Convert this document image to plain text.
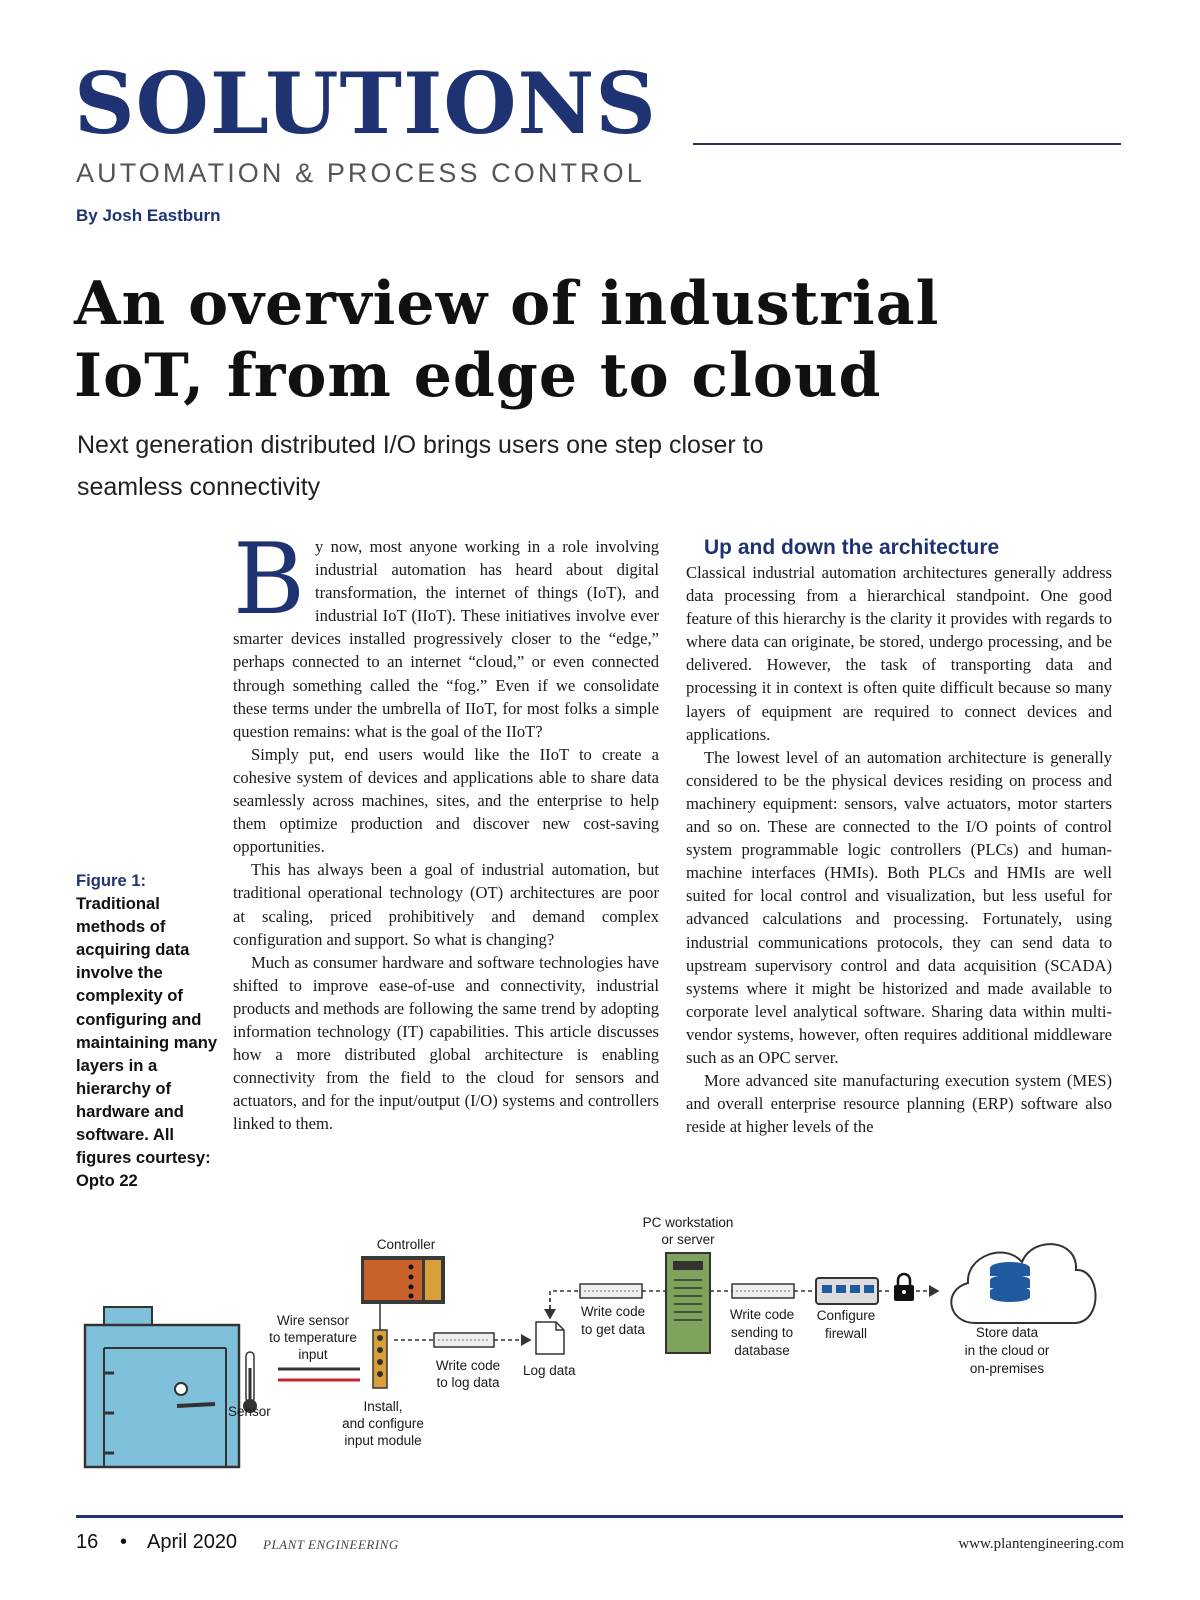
SOLUTIONS
AUTOMATION & PROCESS CONTROL
By Josh Eastburn
An overview of industrial
IoT, from edge to cloud
Next generation distributed I/O brings users one step closer to
seamless connectivity
Figure 1:
Traditional methods of acquiring data involve the complexity of configuring and maintaining many layers in a hierarchy of hardware and software. All figures courtesy: Opto 22
B y now, most anyone working in a role involving industrial automation has heard about digital transformation, the internet of things (IoT), and industrial IoT (IIoT). These initiatives involve ever smarter devices installed progressively closer to the “edge,” perhaps connected to an internet “cloud,” or even connected through something called the “fog.” Even if we consolidate these terms under the umbrella of IIoT, for most folks a simple question remains: what is the goal of the IIoT?

Simply put, end users would like the IIoT to create a cohesive system of devices and applications able to share data seamlessly across machines, sites, and the enterprise to help them optimize production and discover new cost-saving opportunities.

This has always been a goal of industrial automation, but traditional operational technology (OT) architectures are poor at scaling, priced prohibitively and demand complex configuration and support. So what is changing?

Much as consumer hardware and software technologies have shifted to improve ease-of-use and connectivity, industrial products and methods are following the same trend by adopting information technology (IT) capabilities. This article discusses how a more distributed global architecture is enabling connectivity from the field to the cloud for sensors and actuators, and for the input/output (I/O) systems and controllers linked to them.

Up and down the architecture

Classical industrial automation architectures generally address data processing from a hierarchical standpoint. One good feature of this hierarchy is the clarity it provides with regards to where data can originate, be stored, undergo processing, and be delivered. However, the task of transporting data and processing it in context is often quite difficult because so many layers of equipment are required to connect devices and applications.

The lowest level of an automation architecture is generally considered to be the physical devices residing on process and machinery equipment: sensors, valve actuators, motor starters and so on. These are connected to the I/O points of control system programmable logic controllers (PLCs) and human-machine interfaces (HMIs). Both PLCs and HMIs are well suited for local control and visualization, but less useful for advanced calculations and processing. Fortunately, using industrial communications protocols, they can send data to upstream supervisory control and data acquisition (SCADA) systems where it might be historized and made available to corporate level analytical software. Sharing data within multi-vendor systems, however, often requires additional middleware such as an OPC server.

More advanced site manufacturing execution system (MES) and overall enterprise resource planning (ERP) software also reside at higher levels of the

Sensor
Wire sensor
to temperature
input
Controller
Install,
and configure
input module
Write code
to log data
Log data
Write code
to get data
PC workstation
or server
Write code
sending to
database
Configure
firewall	Store data
in the cloud or
on-premises
16 • April 2020 PLANT ENGINEERING	www.plantengineering.com
